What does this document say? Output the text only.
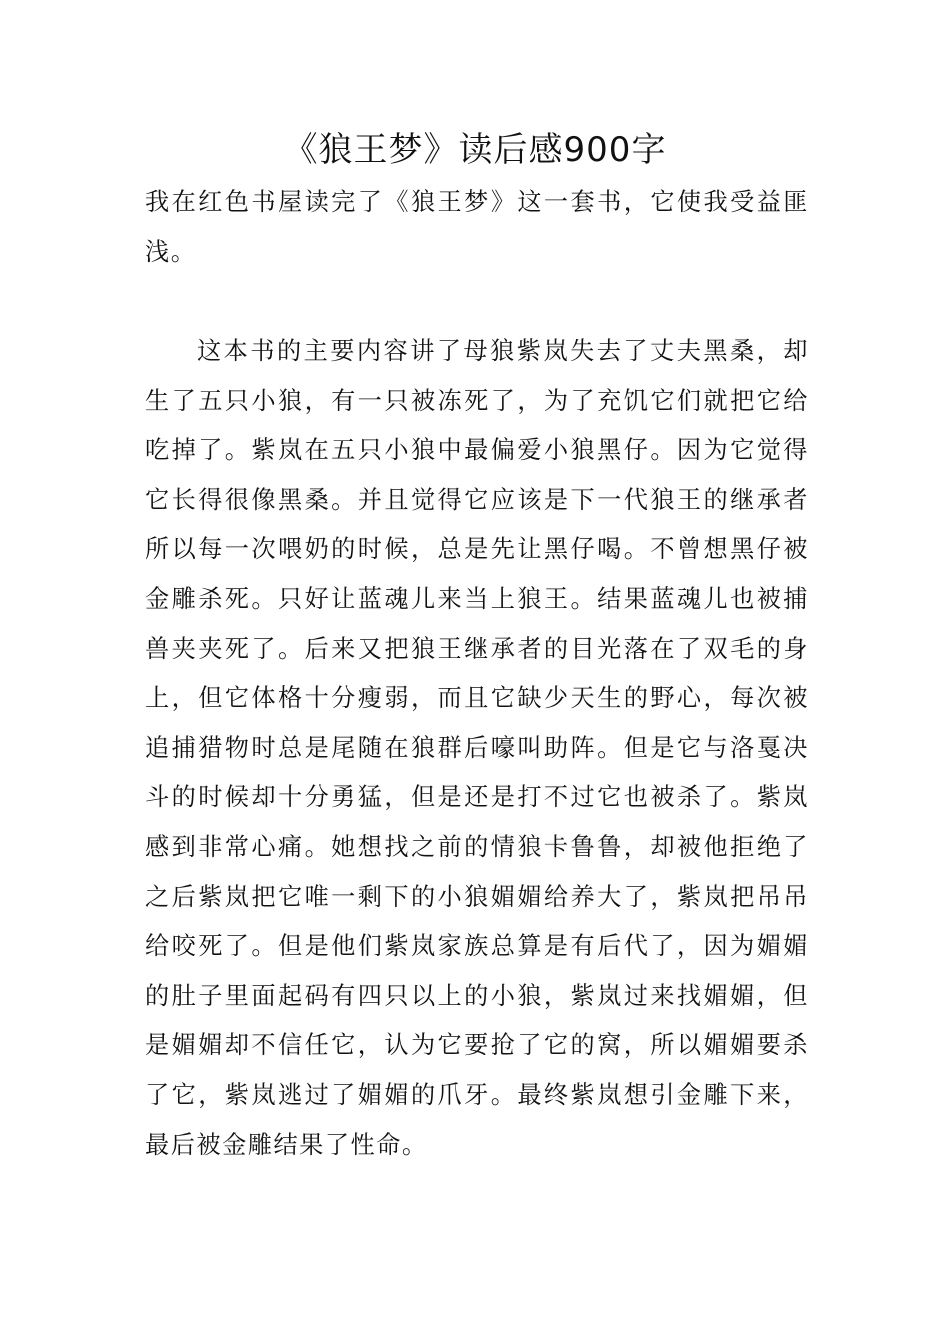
《狼王梦》读后感900字

我在红色书屋读完了《狼王梦》这一套书，它使我受益匪浅。

这本书的主要内容讲了母狼紫岚失去了丈夫黑桑，却生了五只小狼，有一只被冻死了，为了充饥它们就把它给吃掉了。紫岚在五只小狼中最偏爱小狼黑仔。因为它觉得它长得很像黑桑。并且觉得它应该是下一代狼王的继承者所以每一次喂奶的时候，总是先让黑仔喝。不曾想黑仔被金雕杀死。只好让蓝魂儿来当上狼王。结果蓝魂儿也被捕兽夹夹死了。后来又把狼王继承者的目光落在了双毛的身上，但它体格十分瘦弱，而且它缺少天生的野心，每次被追捕猎物时总是尾随在狼群后嚎叫助阵。但是它与洛戛决斗的时候却十分勇猛，但是还是打不过它也被杀了。紫岚感到非常心痛。她想找之前的情狼卡鲁鲁，却被他拒绝了之后紫岚把它唯一剩下的小狼媚媚给养大了，紫岚把吊吊给咬死了。但是他们紫岚家族总算是有后代了，因为媚媚的肚子里面起码有四只以上的小狼，紫岚过来找媚媚，但是媚媚却不信任它，认为它要抢了它的窝，所以媚媚要杀了它，紫岚逃过了媚媚的爪牙。最终紫岚想引金雕下来，最后被金雕结果了性命。
